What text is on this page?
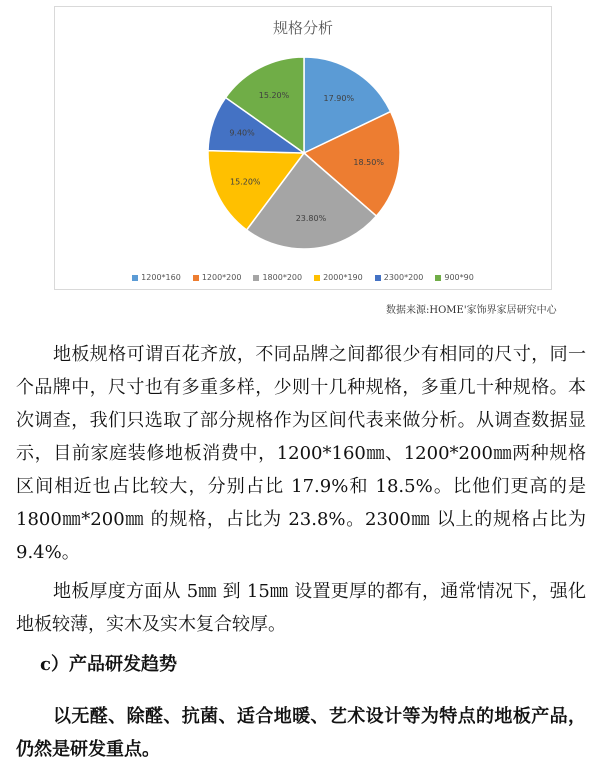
规格分析
17.90%
18.50%
23.80%
15.20%
9.40%
15.20%
1200*160	1200*200	1800*200	2000*190	2300*200	900*90
数据来源:HOME'家饰界家居研究中心

地板规格可谓百花齐放，不同品牌之间都很少有相同的尺寸，同一个品牌中，尺寸也有多重多样，少则十几种规格，多重几十种规格。本次调查，我们只选取了部分规格作为区间代表来做分析。从调查数据显示，目前家庭装修地板消费中，1200*160㎜、1200*200㎜两种规格区间相近也占比较大，分别占比 17.9%和 18.5%。比他们更高的是 1800㎜*200㎜ 的规格，占比为 23.8%。2300㎜ 以上的规格占比为 9.4%。

地板厚度方面从 5㎜ 到 15㎜ 设置更厚的都有，通常情况下，强化地板较薄，实木及实木复合较厚。

c）产品研发趋势

以无醛、除醛、抗菌、适合地暖、艺术设计等为特点的地板产品，仍然是研发重点。
